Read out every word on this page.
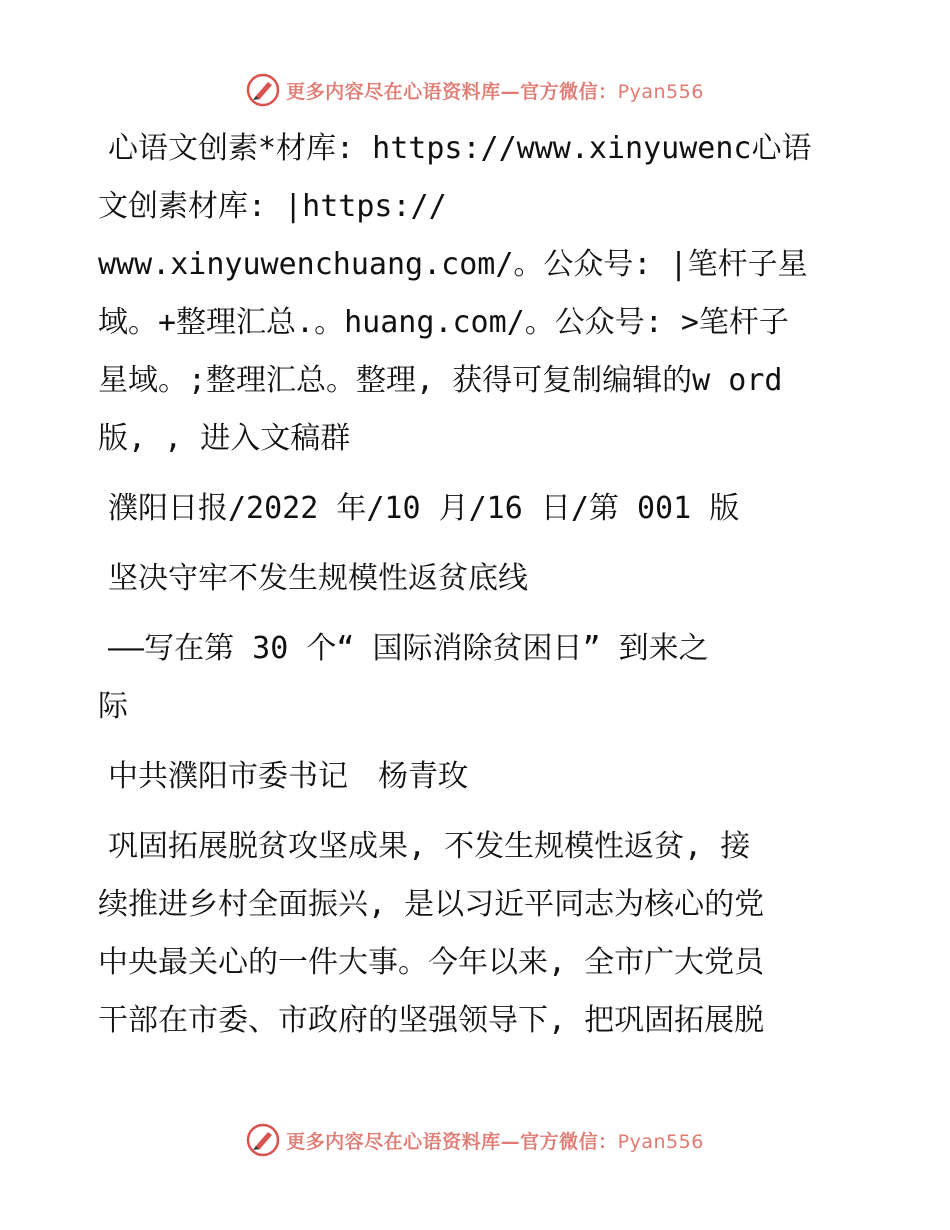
更多内容尽在心语资料库—官方微信：Pyan556
心语文创素*材库: https://www.xinyuwenc心语
文创素材库: |https://
www.xinyuwenchuang.com/。公众号: |笔杆子星
域。+整理汇总.。huang.com/。公众号: >笔杆子
星域。;整理汇总。整理, 获得可复制编辑的w ord
版, , 进入文稿群
濮阳日报/2022 年/10 月/16 日/第 001 版
坚决守牢不发生规模性返贫底线
——写在第 30 个“ 国际消除贫困日” 到来之
际
中共濮阳市委书记　杨青玫
巩固拓展脱贫攻坚成果, 不发生规模性返贫, 接
续推进乡村全面振兴, 是以习近平同志为核心的党
中央最关心的一件大事。今年以来, 全市广大党员
干部在市委、市政府的坚强领导下, 把巩固拓展脱
更多内容尽在心语资料库—官方微信：Pyan556
